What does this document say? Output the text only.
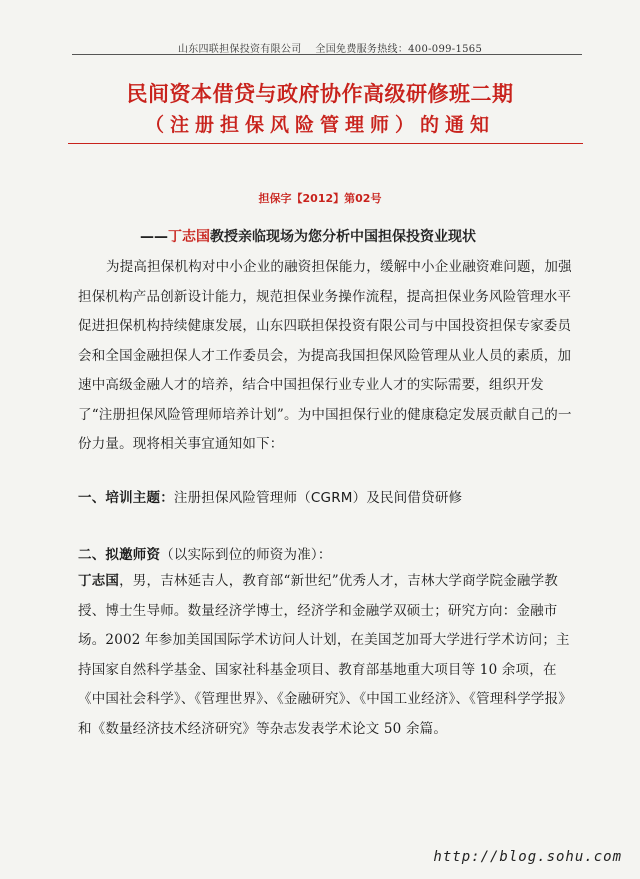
山东四联担保投资有限公司 全国免费服务热线：400-099-1565
民间资本借贷与政府协作高级研修班二期
（注册担保风险管理师）的通知
担保字【2012】第02号
——丁志国教授亲临现场为您分析中国担保投资业现状
为提高担保机构对中小企业的融资担保能力，缓解中小企业融资难问题，加强担保机构产品创新设计能力，规范担保业务操作流程，提高担保业务风险管理水平促进担保机构持续健康发展，山东四联担保投资有限公司与中国投资担保专家委员会和全国金融担保人才工作委员会，为提高我国担保风险管理从业人员的素质，加速中高级金融人才的培养，结合中国担保行业专业人才的实际需要，组织开发了“注册担保风险管理师培养计划”。为中国担保行业的健康稳定发展贡献自己的一份力量。现将相关事宜通知如下：
一、培训主题：注册担保风险管理师（CGRM）及民间借贷研修
二、拟邀师资（以实际到位的师资为准）：
丁志国，男，吉林延吉人，教育部“新世纪”优秀人才，吉林大学商学院金融学教授、博士生导师。数量经济学博士，经济学和金融学双硕士；研究方向：金融市场。2002 年参加美国国际学术访问人计划，在美国芝加哥大学进行学术访问；主持国家自然科学基金、国家社科基金项目、教育部基地重大项目等 10 余项，在《中国社会科学》、《管理世界》、《金融研究》、《中国工业经济》、《管理科学学报》和《数量经济技术经济研究》等杂志发表学术论文 50 余篇。
http://blog.sohu.com
